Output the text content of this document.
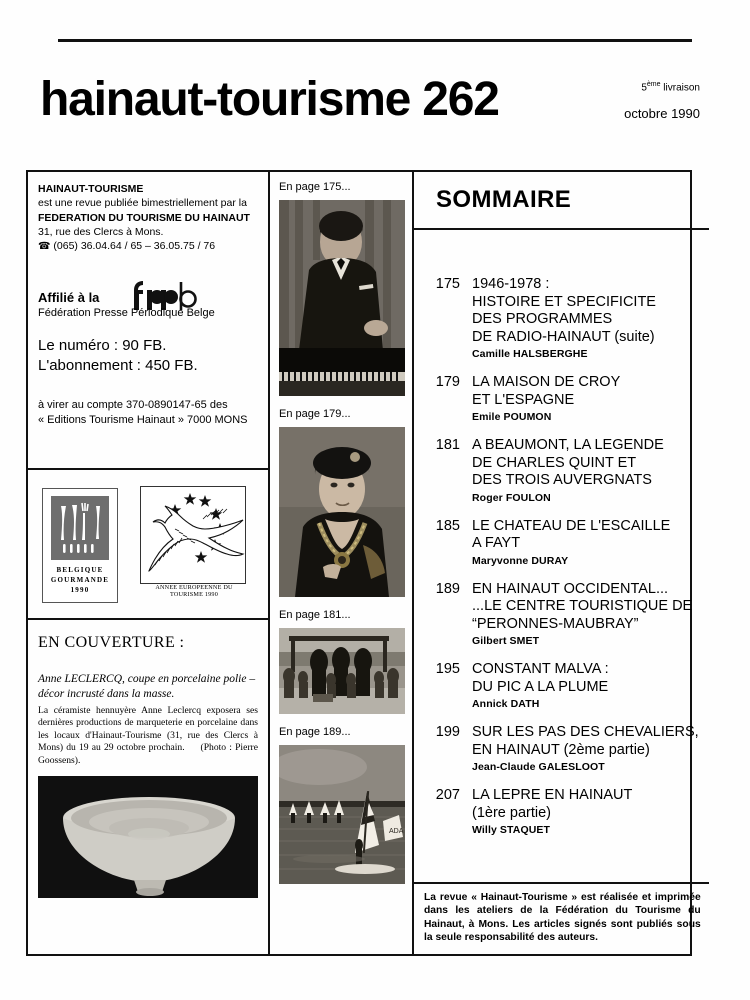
hainaut-tourisme 262	5ème livraison
octobre 1990
HAINAUT-TOURISME
est une revue publiée bimestriellement par la
FEDERATION DU TOURISME DU HAINAUT
31, rue des Clercs à Mons.
☎ (065) 36.04.64 / 65 – 36.05.75 / 76
Affilié à la
Fédération Presse Périodique Belge
Le numéro : 90 FB.
L'abonnement : 450 FB.
à virer au compte 370-0890147-65 des
« Editions Tourisme Hainaut » 7000 MONS
BELGIQUE
GOURMANDE
1990	ANNEE EUROPEENNE DU TOURISME 1990
EN COUVERTURE :
Anne LECLERCQ, coupe en porcelaine polie – décor incrusté dans la masse.
La céramiste hennuyère Anne Leclercq exposera ses dernières productions de marqueterie en porcelaine dans les locaux d'Hainaut-Tourisme (31, rue des Clercs à Mons) du 19 au 29 octobre prochain. (Photo : Pierre Goossens).
En page 175...
En page 179...
En page 181...
En page 189...
ADA
SOMMAIRE
175 1946-1978 :
HISTOIRE ET SPECIFICITE
DES PROGRAMMES
DE RADIO-HAINAUT (suite)
Camille HALSBERGHE
179 LA MAISON DE CROY
ET L'ESPAGNE
Emile POUMON
181 A BEAUMONT, LA LEGENDE
DE CHARLES QUINT ET
DES TROIS AUVERGNATS
Roger FOULON
185 LE CHATEAU DE L'ESCAILLE
A FAYT
Maryvonne DURAY
189 EN HAINAUT OCCIDENTAL...
...LE CENTRE TOURISTIQUE DE
“PERONNES-MAUBRAY”
Gilbert SMET
195 CONSTANT MALVA :
DU PIC A LA PLUME
Annick DATH
199 SUR LES PAS DES CHEVALIERS,
EN HAINAUT (2ème partie)
Jean-Claude GALESLOOT
207 LA LEPRE EN HAINAUT
(1ère partie)
Willy STAQUET
La revue « Hainaut-Tourisme » est réalisée et imprimée dans les ateliers de la Fédération du Tourisme du Hainaut, à Mons. Les articles signés sont publiés sous la seule responsabilité des auteurs.
